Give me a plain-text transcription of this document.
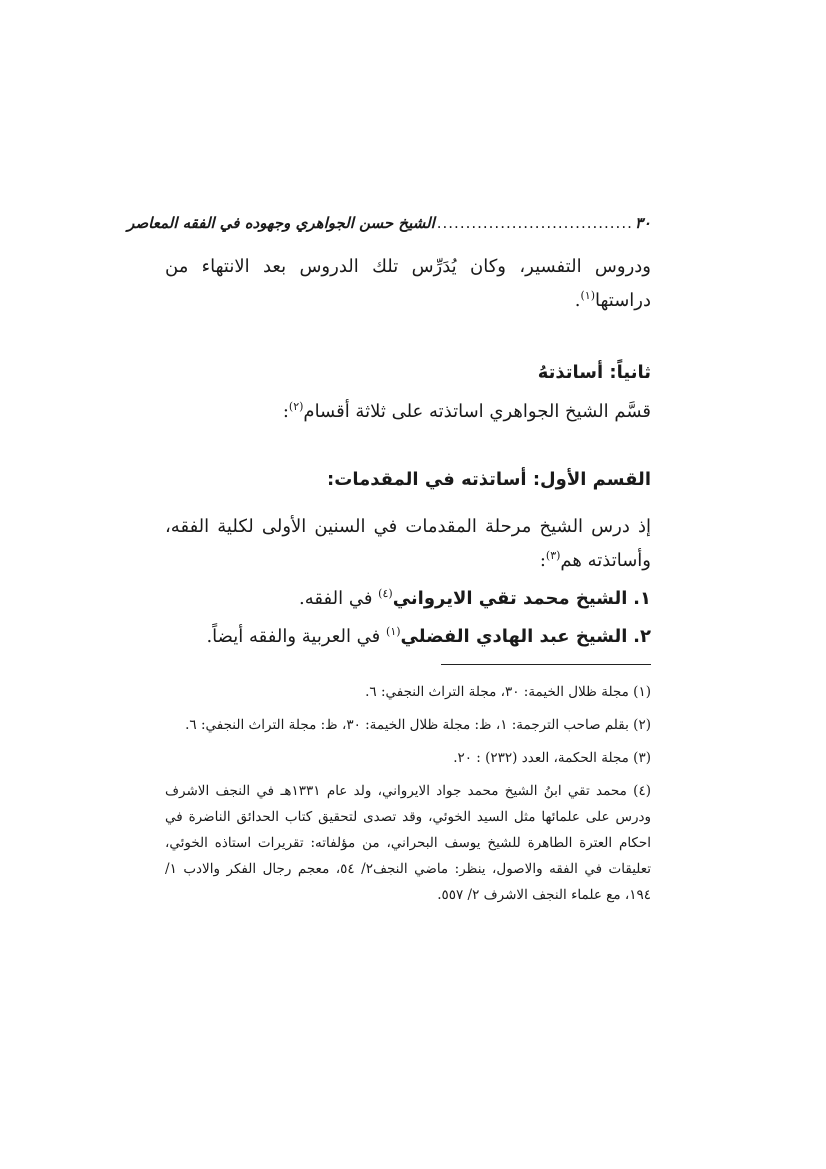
٣٠
..................................
الشيخ حسن الجواهري وجهوده في الفقه المعاصر
ودروس التفسير، وكان يُدَرِّس تلك الدروس بعد الانتهاء من دراستها$^{(١)}$.
ثانياً: أساتذتهُ
قسَّم الشيخ الجواهري اساتذته على ثلاثة أقسام$^{(٢)}$:
القسم الأول: أساتذته في المقدمات:
إذ درس الشيخ مرحلة المقدمات في السنين الأولى لكلية الفقه، وأساتذته هم$^{(٣)}$:
١. الشيخ محمد تقي الايرواني$^{(٤)}$ في الفقه.
٢. الشيخ عبد الهادي الفضلي$^{(١)}$ في العربية والفقه أيضاً.
(١) مجلة ظلال الخيمة: ٣٠، مجلة التراث النجفي: ٦.
(٢) بقلم صاحب الترجمة: ١، ظ: مجلة ظلال الخيمة: ٣٠، ظ: مجلة التراث النجفي: ٦.
(٣) مجلة الحكمة، العدد (٢٣٢) : ٢٠.
(٤) محمد تقي ابنُ الشيخ محمد جواد الايرواني، ولد عام ١٣٣١هـ في النجف الاشرف ودرس على علمائها مثل السيد الخوئي، وقد تصدى لتحقيق كتاب الحدائق الناضرة في احكام العترة الطاهرة للشيخ يوسف البحراني، من مؤلفاته: تقريرات استاذه الخوئي، تعليقات في الفقه والاصول، ينظر: ماضي النجف٢/ ٥٤، معجم رجال الفكر والادب ١/ ١٩٤، مع علماء النجف الاشرف ٢/ ٥٥٧.
